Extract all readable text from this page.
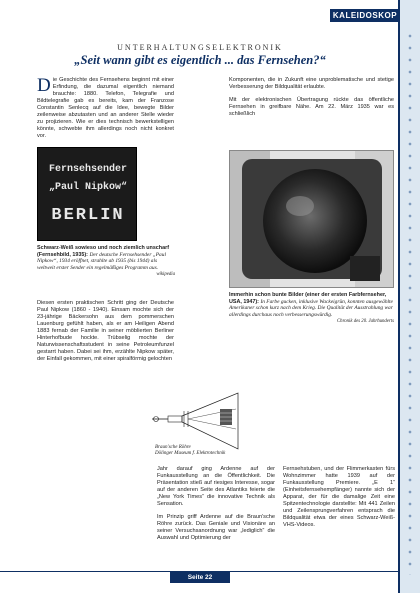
KALEIDOSKOP
UNTERHALTUNGSELEKTRONIK
„Seit wann gibt es eigentlich ... das Fernsehen?“

Die Geschichte des Fernsehens beginnt mit einer Erfindung, die dazumal eigentlich niemand brauchte: 1880. Telefon, Telegrafie und Bildtelegrafie gab es bereits, kam der Franzose Constantin Senlecq auf die Idee, bewegte Bilder zeilenweise abzutasten und an anderer Stelle wieder zu projizieren. Wie er dies technisch bewerkstelligen könnte, schwebte ihm allerdings noch nicht konkret vor.

Fernsehsender
„Paul Nipkow“
BERLIN
Schwarz-Weiß sowieso und noch ziemlich unscharf (Fernsehbild, 1935): Der deutsche Fernsehsender „Paul Nipkow“, 1934 eröffnet, strahlte ab 1935 (bis 1944) als weltweit erster Sender ein regelmäßiges Programm aus.
wikipedia

Diesen ersten praktischen Schritt ging der Deutsche Paul Nipkow (1860 - 1940). Einsam mochte sich der 23-jährige Bäckersohn aus dem pommerschen Lauenburg gefühlt haben, als er am Heiligen Abend 1883 fernab der Familie in seiner möblierten Berliner Hinterhofbude hockte. Trübselig mochte der Naturwissenschaftsstudent in seine Petroleumfunzel gestarrt haben. Dabei sei ihm, erzählte Nipkow später, der Einfall gekommen, mit einer spiralförmig gelochten

Komponenten, die in Zukunft eine unproblematische und stetige Verbesserung der Bildqualität erlaubte.

Mit der elektronischen Übertragung rückte das öffentliche Fernsehen in greifbare Nähe. Am 22. März 1935 war es schließlich

Immerhin schon bunte Bilder (einer der ersten Farbfernseher, USA, 1947): In Farbe gucken, inklusive Wackeigrün, konnten ausgewählte Amerikaner schon kurz nach dem Krieg. Die Qualität der Ausstrahlung war allerdings durchaus noch verbesserungswürdig.
Chronik des 20. Jahrhunderts
Braun'sche Röhre
Dölinger Museum f. Elektrotechnik

Jahr darauf ging Ardenne auf der Funkausstellung an die Öffentlichkeit. Die Präsentation stieß auf riesiges Interesse, sogar auf der anderen Seite des Atlantiks feierte die „New York Times“ die innovative Technik als Sensation.

Im Prinzip griff Ardenne auf die Braun'sche Röhre zurück. Das Geniale und Visionäre an seiner Versuchsanordnung war „lediglich“ die Auswahl und Optimierung der

Fernsehstuben, und der Flimmerkasten fürs Wohnzimmer hatte 1939 auf der Funkausstellung Premiere. „E 1“ (Einheitsfernsehempfänger) nannte sich der Apparat, der für die damalige Zeit eine Spitzentechnologie darstellte: Mit 441 Zeilen und Zeilensprungverfahren entsprach die Bildqualität etwa der eines Schwarz-Weiß-VHS-Videos.

Seite 22
